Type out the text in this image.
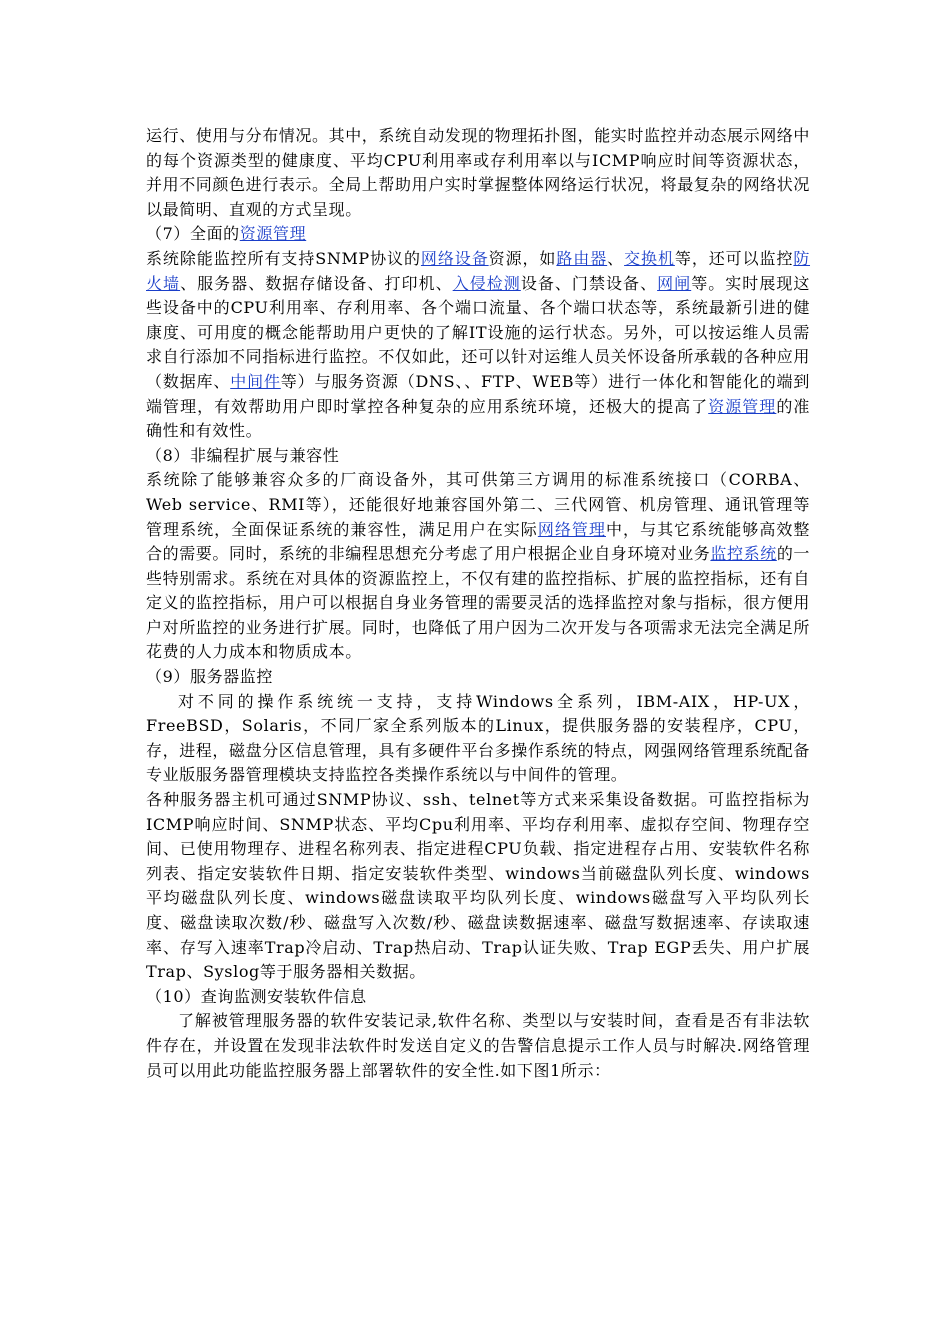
运行、使用与分布情况。其中，系统自动发现的物理拓扑图，能实时监控并动态展示网络中的每个资源类型的健康度、平均CPU利用率或存利用率以与ICMP响应时间等资源状态，并用不同颜色进行表示。全局上帮助用户实时掌握整体网络运行状况，将最复杂的网络状况以最简明、直观的方式呈现。

（7）全面的资源管理

系统除能监控所有支持SNMP协议的网络设备资源，如路由器、交换机等，还可以监控防火墙、服务器、数据存储设备、打印机、入侵检测设备、门禁设备、网闸等。实时展现这些设备中的CPU利用率、存利用率、各个端口流量、各个端口状态等，系统最新引进的健康度、可用度的概念能帮助用户更快的了解IT设施的运行状态。另外，可以按运维人员需求自行添加不同指标进行监控。不仅如此，还可以针对运维人员关怀设备所承载的各种应用（数据库、中间件等）与服务资源（DNS、、FTP、WEB等）进行一体化和智能化的端到端管理，有效帮助用户即时掌控各种复杂的应用系统环境，还极大的提高了资源管理的准确性和有效性。

（8）非编程扩展与兼容性

系统除了能够兼容众多的厂商设备外，其可供第三方调用的标准系统接口（CORBA、Web service、RMI等），还能很好地兼容国外第二、三代网管、机房管理、通讯管理等管理系统，全面保证系统的兼容性，满足用户在实际网络管理中，与其它系统能够高效整合的需要。同时，系统的非编程思想充分考虑了用户根据企业自身环境对业务监控系统的一些特别需求。系统在对具体的资源监控上，不仅有建的监控指标、扩展的监控指标，还有自定义的监控指标，用户可以根据自身业务管理的需要灵活的选择监控对象与指标，很方便用户对所监控的业务进行扩展。同时，也降低了用户因为二次开发与各项需求无法完全满足所花费的人力成本和物质成本。

（9）服务器监控

对不同的操作系统统一支持，支持Windows全系列，IBM-AIX，HP-UX，FreeBSD，Solaris，不同厂家全系列版本的Linux，提供服务器的安装程序，CPU，存，进程，磁盘分区信息管理，具有多硬件平台多操作系统的特点，网强网络管理系统配备专业版服务器管理模块支持监控各类操作系统以与中间件的管理。

各种服务器主机可通过SNMP协议、ssh、telnet等方式来采集设备数据。可监控指标为ICMP响应时间、SNMP状态、平均Cpu利用率、平均存利用率、虚拟存空间、物理存空间、已使用物理存、进程名称列表、指定进程CPU负载、指定进程存占用、安装软件名称列表、指定安装软件日期、指定安装软件类型、windows当前磁盘队列长度、windows平均磁盘队列长度、windows磁盘读取平均队列长度、windows磁盘写入平均队列长度、磁盘读取次数/秒、磁盘写入次数/秒、磁盘读数据速率、磁盘写数据速率、存读取速率、存写入速率Trap冷启动、Trap热启动、Trap认证失败、Trap EGP丢失、用户扩展Trap、Syslog等于服务器相关数据。

（10）查询监测安装软件信息

了解被管理服务器的软件安装记录,软件名称、类型以与安装时间，查看是否有非法软件存在，并设置在发现非法软件时发送自定义的告警信息提示工作人员与时解决.网络管理员可以用此功能监控服务器上部署软件的安全性.如下图1所示：
